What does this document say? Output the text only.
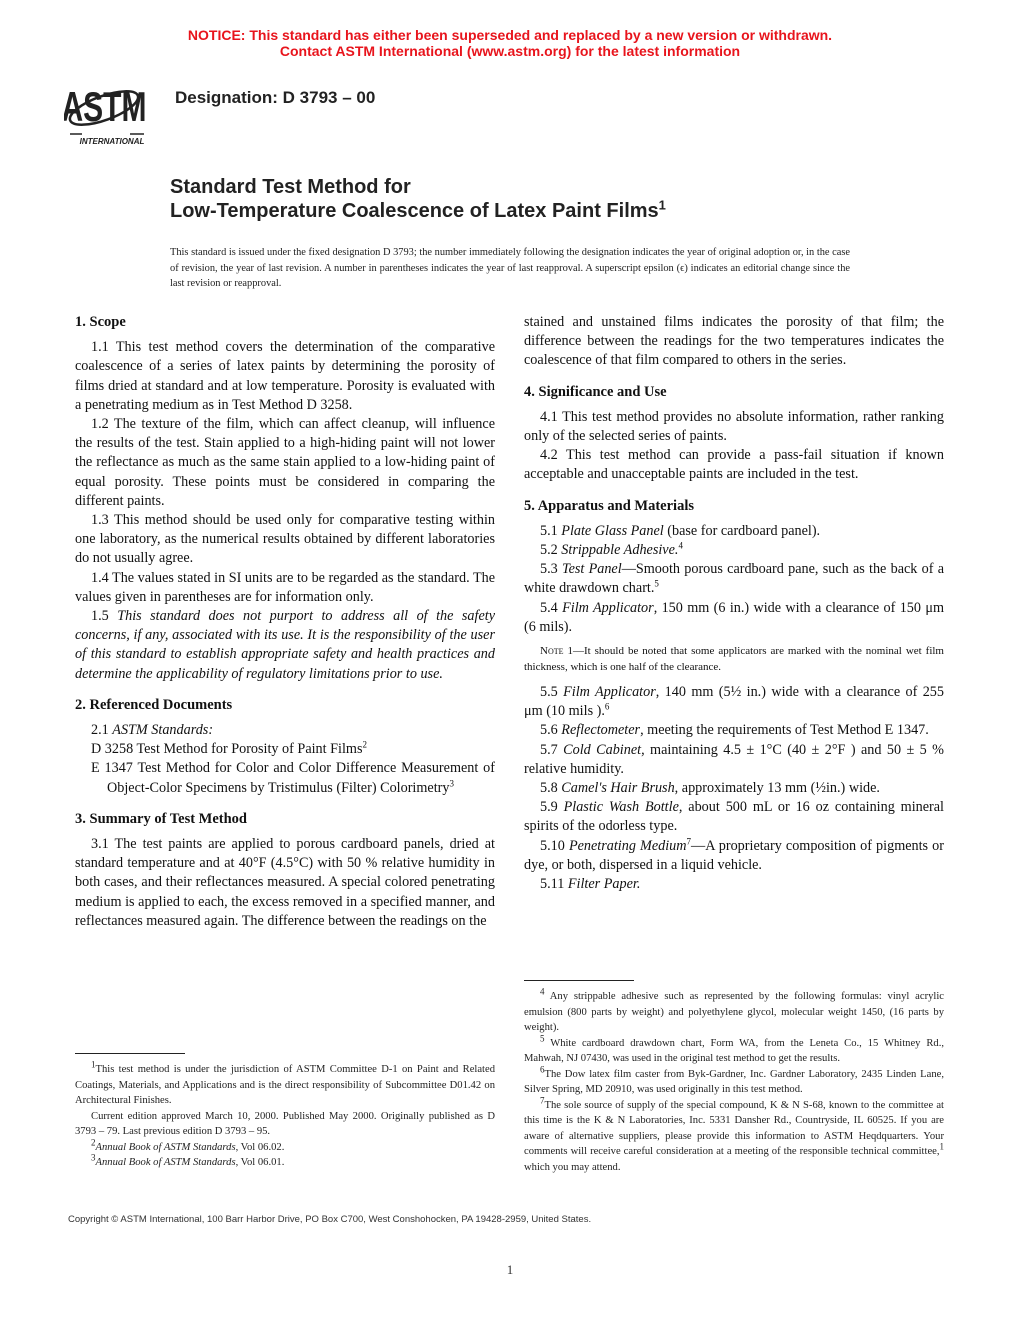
NOTICE: This standard has either been superseded and replaced by a new version or withdrawn.
Contact ASTM International (www.astm.org) for the latest information
ASTM
INTERNATIONAL
Designation: D 3793 – 00
Standard Test Method for
Low-Temperature Coalescence of Latex Paint Films$^1$
This standard is issued under the fixed designation D 3793; the number immediately following the designation indicates the year of original adoption or, in the case of revision, the year of last revision. A number in parentheses indicates the year of last reapproval. A superscript epsilon (ϵ) indicates an editorial change since the last revision or reapproval.
1. Scope

1.1 This test method covers the determination of the comparative coalescence of a series of latex paints by determining the porosity of films dried at standard and at low temperature. Porosity is evaluated with a penetrating medium as in Test Method D 3258.

1.2 The texture of the film, which can affect cleanup, will influence the results of the test. Stain applied to a high-hiding paint will not lower the reflectance as much as the same stain applied to a low-hiding paint of equal porosity. These points must be considered in comparing the different paints.

1.3 This method should be used only for comparative testing within one laboratory, as the numerical results obtained by different laboratories do not usually agree.

1.4 The values stated in SI units are to be regarded as the standard. The values given in parentheses are for information only.

1.5 This standard does not purport to address all of the safety concerns, if any, associated with its use. It is the responsibility of the user of this standard to establish appropriate safety and health practices and determine the applicability of regulatory limitations prior to use.

2. Referenced Documents

2.1 ASTM Standards:

D 3258 Test Method for Porosity of Paint Films$^2$

E 1347 Test Method for Color and Color Difference Measurement of Object-Color Specimens by Tristimulus (Filter) Colorimetry$^3$

3. Summary of Test Method

3.1 The test paints are applied to porous cardboard panels, dried at standard temperature and at 40°F (4.5°C) with 50 % relative humidity in both cases, and their reflectances measured. A special colored penetrating medium is applied to each, the excess removed in a specified manner, and reflectances measured again. The difference between the readings on the

$^1$This test method is under the jurisdiction of ASTM Committee D-1 on Paint and Related Coatings, Materials, and Applications and is the direct responsibility of Subcommittee D01.42 on Architectural Finishes.

Current edition approved March 10, 2000. Published May 2000. Originally published as D 3793 – 79. Last previous edition D 3793 – 95.

$^2$Annual Book of ASTM Standards, Vol 06.02.

$^3$Annual Book of ASTM Standards, Vol 06.01.

stained and unstained films indicates the porosity of that film; the difference between the readings for the two temperatures indicates the coalescence of that film compared to others in the series.

4. Significance and Use

4.1 This test method provides no absolute information, rather ranking only of the selected series of paints.

4.2 This test method can provide a pass-fail situation if known acceptable and unacceptable paints are included in the test.

5. Apparatus and Materials

5.1 Plate Glass Panel (base for cardboard panel).

5.2 Strippable Adhesive.$^4$

5.3 Test Panel—Smooth porous cardboard pane, such as the back of a white drawdown chart.$^5$

5.4 Film Applicator, 150 mm (6 in.) wide with a clearance of 150 μm (6 mils).

Note 1—It should be noted that some applicators are marked with the nominal wet film thickness, which is one half of the clearance.

5.5 Film Applicator, 140 mm (5½ in.) wide with a clearance of 255 μm (10 mils ).$^6$

5.6 Reflectometer, meeting the requirements of Test Method E 1347.

5.7 Cold Cabinet, maintaining 4.5 ± 1°C (40 ± 2°F ) and 50 ± 5 % relative humidity.

5.8 Camel's Hair Brush, approximately 13 mm (½in.) wide.

5.9 Plastic Wash Bottle, about 500 mL or 16 oz containing mineral spirits of the odorless type.

5.10 Penetrating Medium$^7$—A proprietary composition of pigments or dye, or both, dispersed in a liquid vehicle.

5.11 Filter Paper.

$^4$ Any strippable adhesive such as represented by the following formulas: vinyl acrylic emulsion (800 parts by weight) and polyethylene glycol, molecular weight 1450, (16 parts by weight).

$^5$ White cardboard drawdown chart, Form WA, from the Leneta Co., 15 Whitney Rd., Mahwah, NJ 07430, was used in the original test method to get the results.

$^6$The Dow latex film caster from Byk-Gardner, Inc. Gardner Laboratory, 2435 Linden Lane, Silver Spring, MD 20910, was used originally in this test method.

$^7$The sole source of supply of the special compound, K & N S-68, known to the committee at this time is the K & N Laboratories, Inc. 5331 Dansher Rd., Countryside, IL 60525. If you are aware of alternative suppliers, please provide this information to ASTM Heqdquarters. Your comments will receive careful consideration at a meeting of the responsible technical committee,$^1$ which you may attend.

Copyright © ASTM International, 100 Barr Harbor Drive, PO Box C700, West Conshohocken, PA 19428-2959, United States.
1
